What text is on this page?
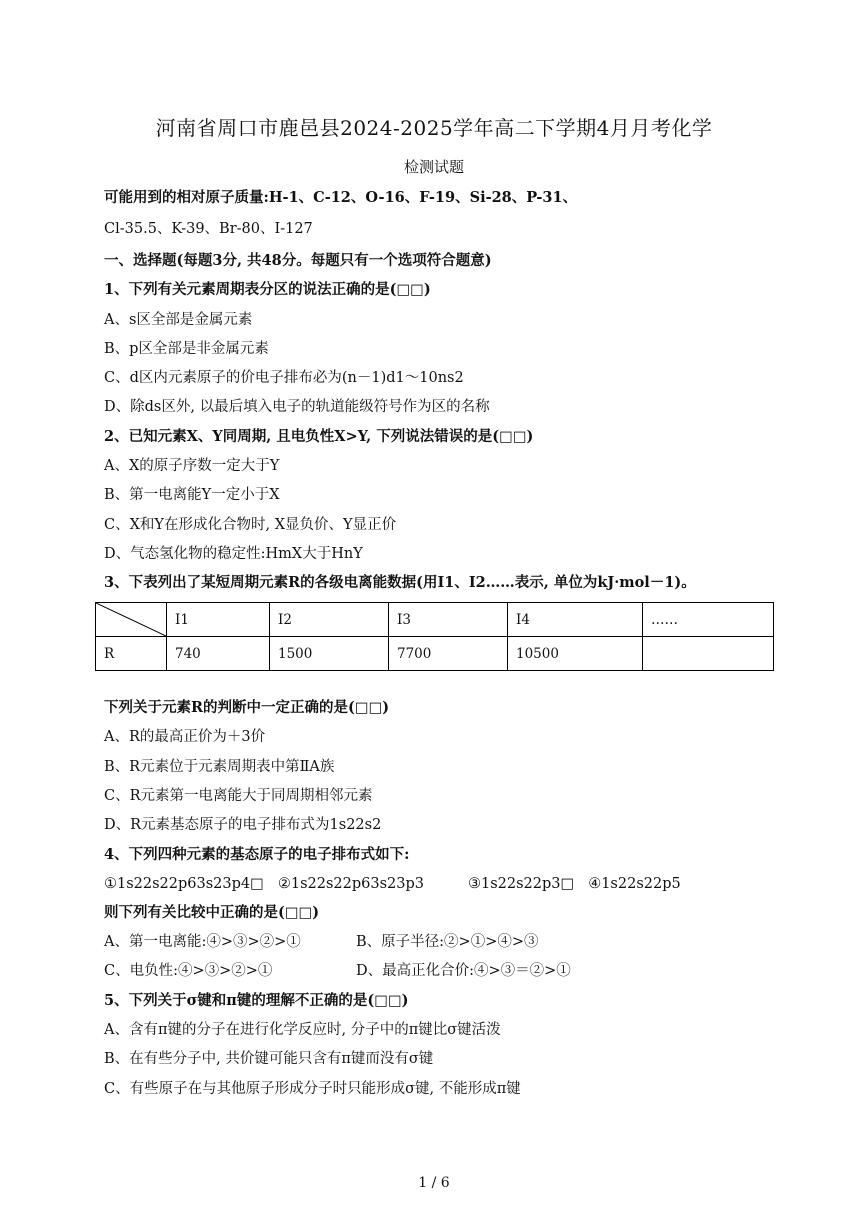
河南省周口市鹿邑县2024-2025学年高二下学期4月月考化学
检测试题
可能用到的相对原子质量:H-1、C-12、O-16、F-19、Si-28、P-31、
Cl-35.5、K-39、Br-80、I-127
一、选择题(每题3分, 共48分。每题只有一个选项符合题意)
1、下列有关元素周期表分区的说法正确的是(□□)
A、s区全部是金属元素
B、p区全部是非金属元素
C、d区内元素原子的价电子排布必为(n－1)d1～10ns2
D、除ds区外, 以最后填入电子的轨道能级符号作为区的名称
2、已知元素X、Y同周期, 且电负性X>Y, 下列说法错误的是(□□)
A、X的原子序数一定大于Y
B、第一电离能Y一定小于X
C、X和Y在形成化合物时, X显负价、Y显正价
D、气态氢化物的稳定性:HmX大于HnY
3、下表列出了某短周期元素R的各级电离能数据(用I1、I2……表示, 单位为kJ·mol－1)。
	I1	I2	I3	I4	……
R	740	1500	7700	10500	
下列关于元素R的判断中一定正确的是(□□)
A、R的最高正价为＋3价
B、R元素位于元素周期表中第ⅡA族
C、R元素第一电离能大于同周期相邻元素
D、R元素基态原子的电子排布式为1s22s2
4、下列四种元素的基态原子的电子排布式如下:
①1s22s22p63s23p4□ ②1s22s22p63s23p3	③1s22s22p3□ ④1s22s22p5
则下列有关比较中正确的是(□□)
A、第一电离能:④>③>②>①	B、原子半径:②>①>④>③
C、电负性:④>③>②>①	D、最高正化合价:④>③＝②>①
5、下列关于σ键和π键的理解不正确的是(□□)
A、含有π键的分子在进行化学反应时, 分子中的π键比σ键活泼
B、在有些分子中, 共价键可能只含有π键而没有σ键
C、有些原子在与其他原子形成分子时只能形成σ键, 不能形成π键
1 / 6
